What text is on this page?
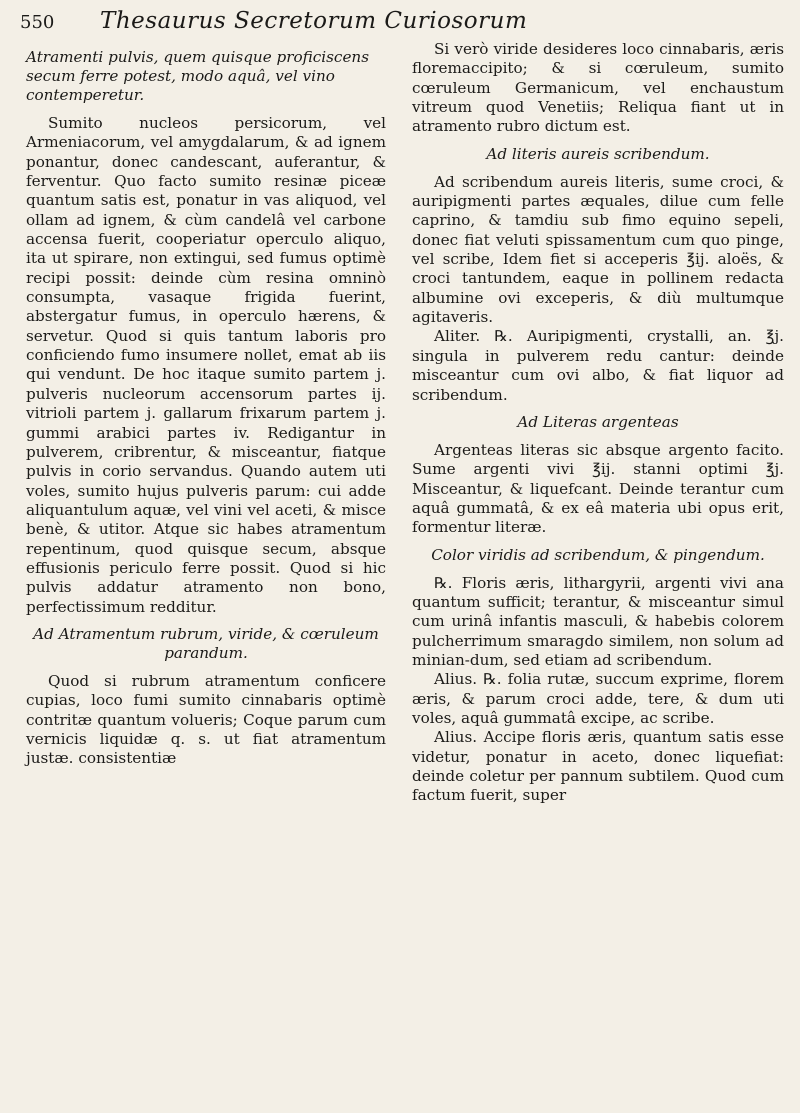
550 Thesaurus Secretorum Curiosorum

Atramenti pulvis, quem quisque proficiscens secum ferre potest, modo aquâ, vel vino contemperetur.

Sumito nucleos persicorum, vel Armeniacorum, vel amygdalarum, & ad ignem ponantur, donec candescant, auferantur, & ferventur. Quo facto sumito resinæ piceæ quantum satis est, ponatur in vas aliquod, vel ollam ad ignem, & cùm candelâ vel carbone accensa fuerit, cooperiatur operculo aliquo, ita ut spirare, non extingui, sed fumus optimè recipi possit: deinde cùm resina omninò consumpta, vasaque frigida fuerint, abstergatur fumus, in operculo hærens, & servetur. Quod si quis tantum laboris pro conficiendo fumo insumere nollet, emat ab iis qui vendunt. De hoc itaque sumito partem j. pulveris nucleorum accensorum partes ij. vitrioli partem j. gallarum frixarum partem j. gummi arabici partes iv. Redigantur in pulverem, cribrentur, & misceantur, fiatque pulvis in corio servandus. Quando autem uti voles, sumito hujus pulveris parum: cui adde aliquantulum aquæ, vel vini vel aceti, & misce benè, & utitor. Atque sic habes atramentum repentinum, quod quisque secum, absque effusionis periculo ferre possit. Quod si hic pulvis addatur atramento non bono, perfectissimum redditur.

Ad Atramentum rubrum, viride, & cœruleum parandum.

Quod si rubrum atramentum conficere cupias, loco fumi sumito cinnabaris optimè contritæ quantum volueris; Coque parum cum vernicis liquidæ q. s. ut fiat atramentum justæ. consistentiæ

Si verò viride desideres loco cinnabaris, æris floremaccipito; & si cœruleum, sumito cœruleum Germanicum, vel enchaustum vitreum quod Venetiis; Reliqua fiant ut in atramento rubro dictum est.

Ad literis aureis scribendum.

Ad scribendum aureis literis, sume croci, & auripigmenti partes æquales, dilue cum felle caprino, & tamdiu sub fimo equino sepeli, donec fiat veluti spissamentum cum quo pinge, vel scribe, Idem fiet si acceperis ℥ij. aloës, & croci tantundem, eaque in pollinem redacta albumine ovi exceperis, & diù multumque agitaveris.

Aliter. ℞. Auripigmenti, crystalli, an. ℥j. singula in pulverem redu cantur: deinde misceantur cum ovi albo, & fiat liquor ad scribendum.

Ad Literas argenteas

Argenteas literas sic absque argento facito. Sume argenti vivi ℥ij. stanni optimi ℥j. Misceantur, & liquefcant. Deinde terantur cum aquâ gummatâ, & ex eâ materia ubi opus erit, formentur literæ.

Color viridis ad scribendum, & pingendum.

℞. Floris æris, lithargyrii, argenti vivi ana quantum sufficit; terantur, & misceantur simul cum urinâ infantis masculi, & habebis colorem pulcherrimum smaragdo similem, non solum ad minian-dum, sed etiam ad scribendum.

Alius. ℞. folia rutæ, succum exprime, florem æris, & parum croci adde, tere, & dum uti voles, aquâ gummatâ excipe, ac scribe.

Alius. Accipe floris æris, quantum satis esse videtur, ponatur in aceto, donec liquefiat: deinde coletur per pannum subtilem. Quod cum factum fuerit, super
